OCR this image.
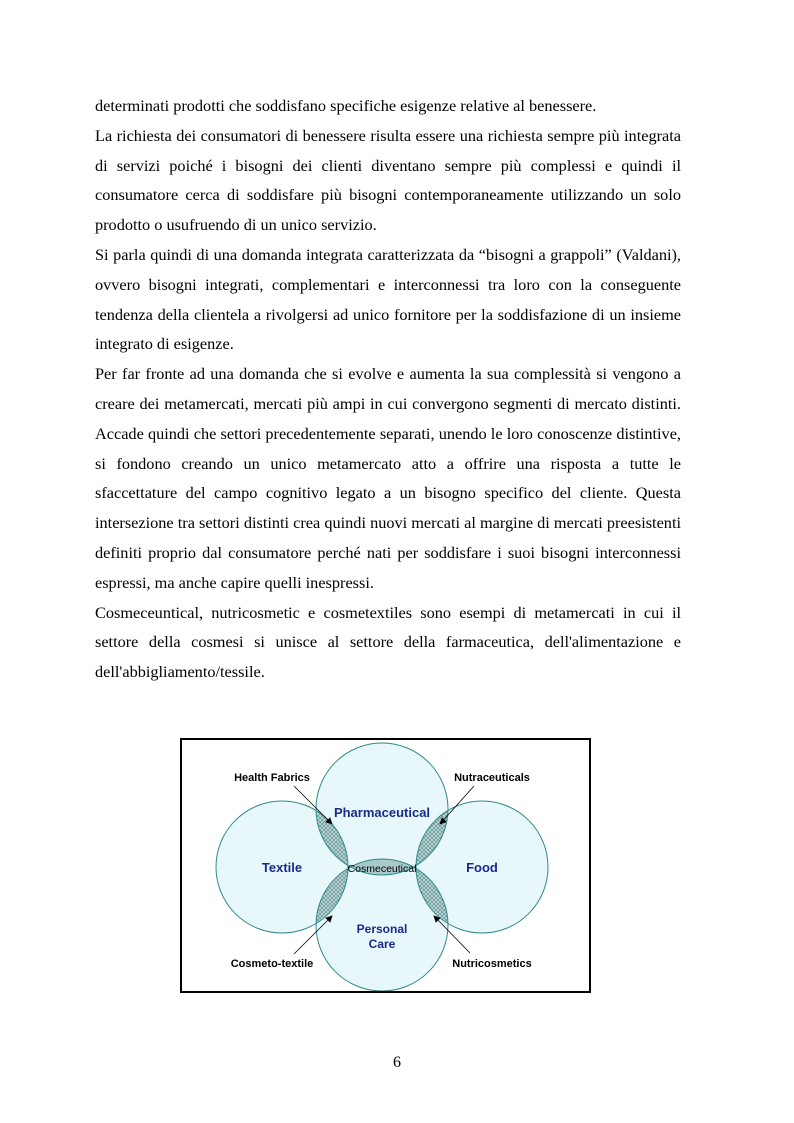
determinati prodotti che soddisfano specifiche esigenze relative al benessere.

La richiesta dei consumatori di benessere risulta essere una richiesta sempre più integrata di servizi poiché i bisogni dei clienti diventano sempre più complessi e quindi il consumatore cerca di soddisfare più bisogni contemporaneamente utilizzando un solo prodotto o usufruendo di un unico servizio.

Si parla quindi di una domanda integrata caratterizzata da “bisogni a grappoli” (Valdani), ovvero bisogni integrati, complementari e interconnessi tra loro con la conseguente tendenza della clientela a rivolgersi ad unico fornitore per la soddisfazione di un insieme integrato di esigenze.

Per far fronte ad una domanda che si evolve e aumenta la sua complessità si vengono a creare dei metamercati, mercati più ampi in cui convergono segmenti di mercato distinti. Accade quindi che settori precedentemente separati, unendo le loro conoscenze distintive, si fondono creando un unico metamercato atto a offrire una risposta a tutte le sfaccettature del campo cognitivo legato a un bisogno specifico del cliente. Questa intersezione tra settori distinti crea quindi nuovi mercati al margine di mercati preesistenti definiti proprio dal consumatore perché nati per soddisfare i suoi bisogni interconnessi espressi, ma anche capire quelli inespressi.

Cosmeceuntical, nutricosmetic e cosmetextiles sono esempi di metamercati in cui il settore della cosmesi si unisce al settore della farmaceutica, dell'alimentazione e dell'abbigliamento/tessile.

Pharmaceutical
Textile	Food
Personal
Care
Cosmeceutical
Health Fabrics	Nutraceuticals
Cosmeto-textile	Nutricosmetics
6
